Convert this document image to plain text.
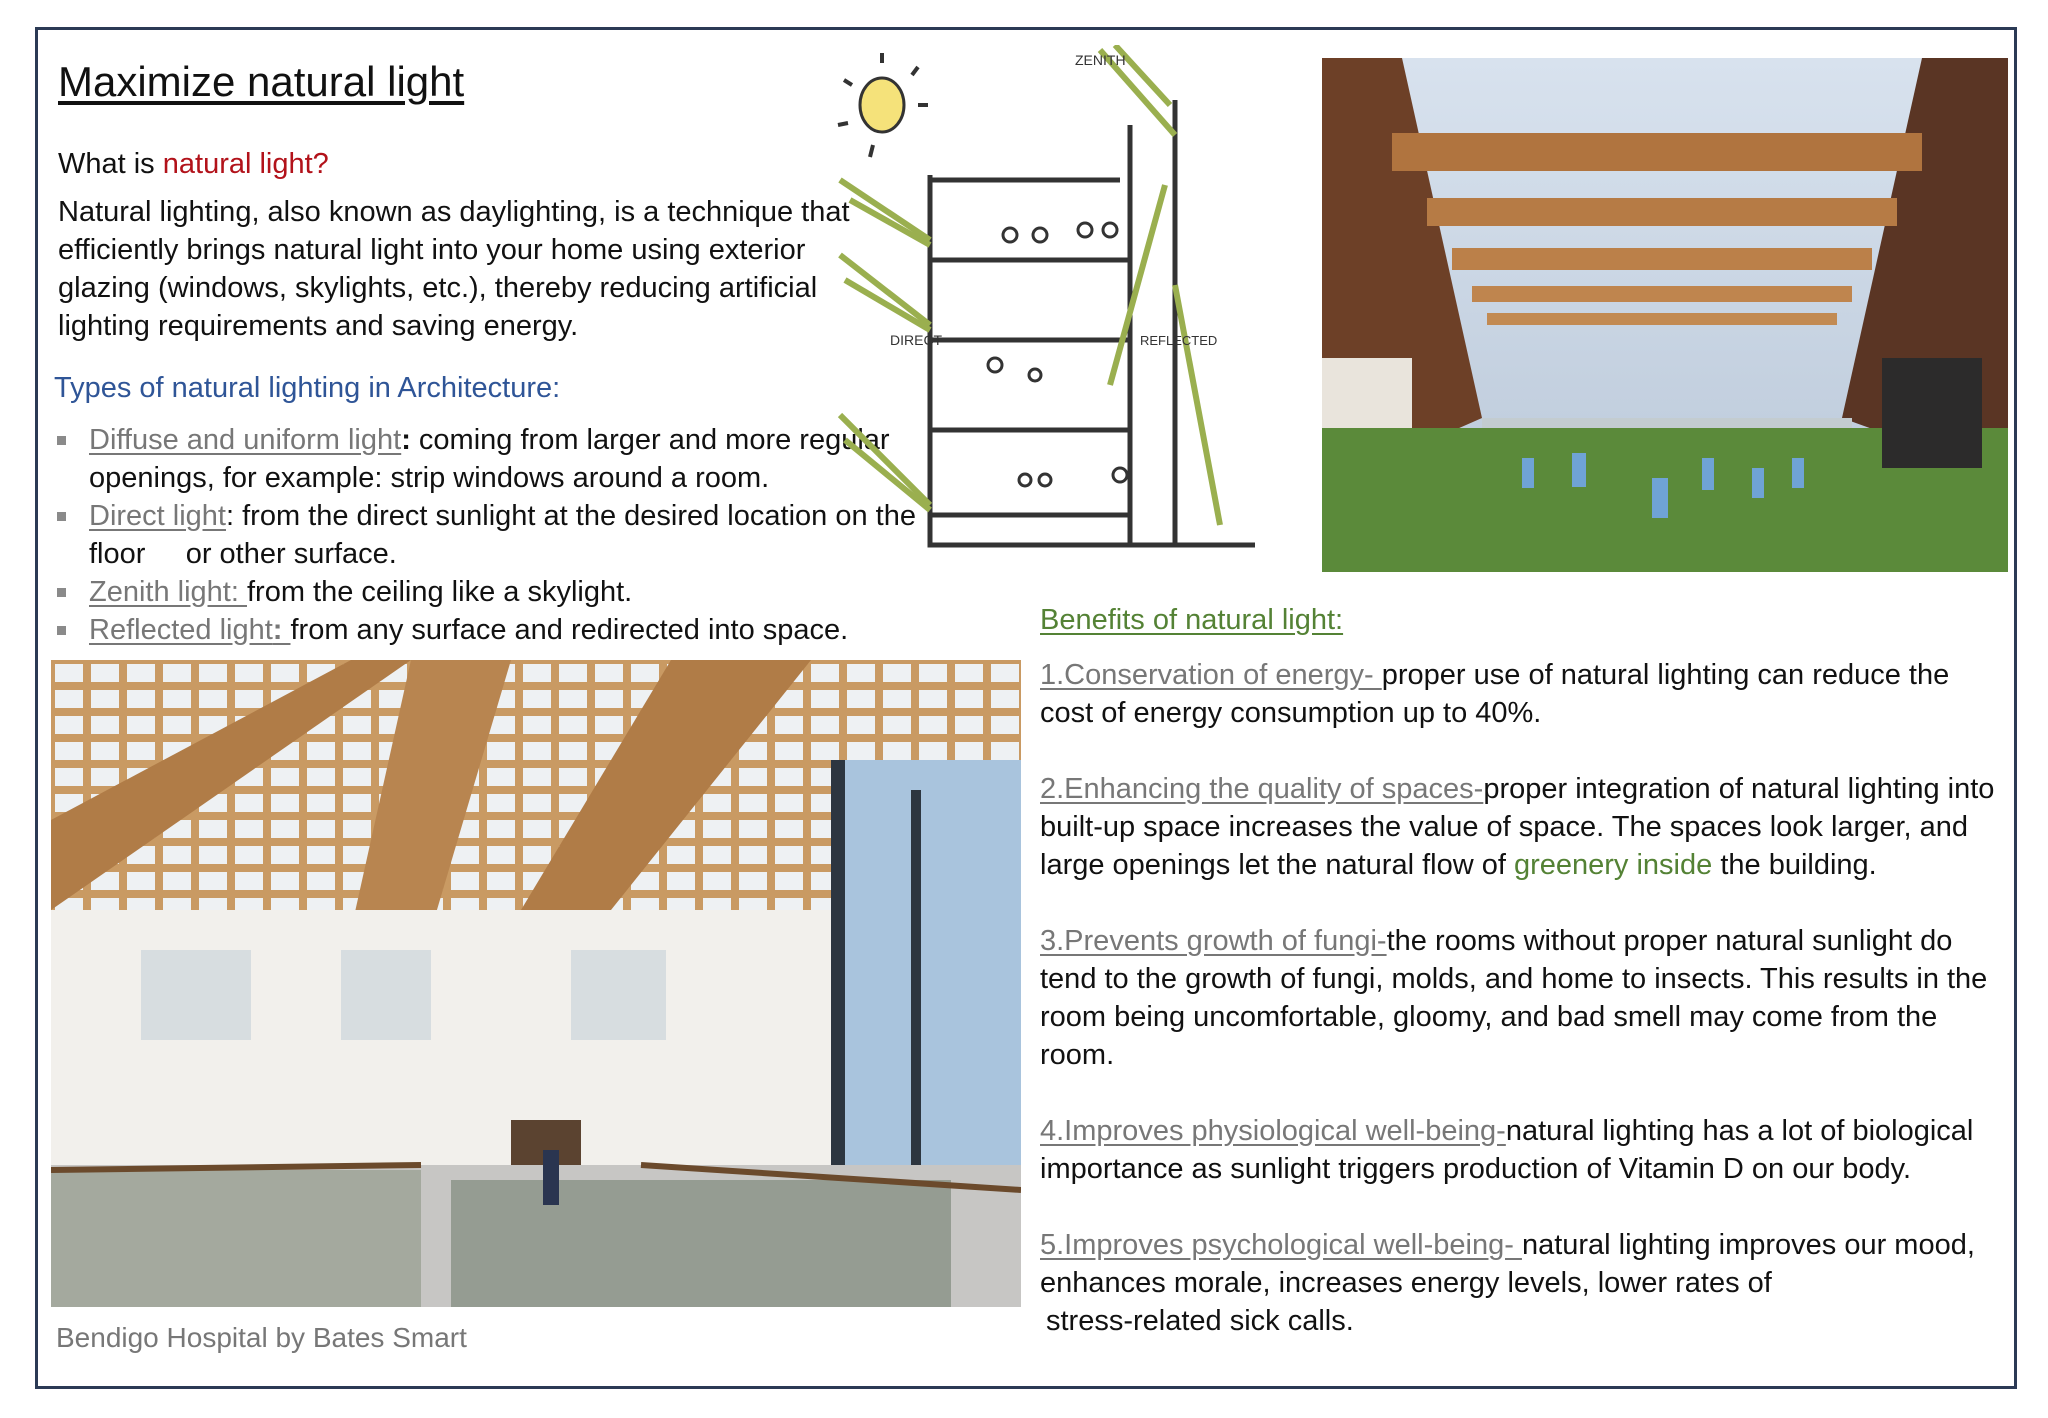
Maximize natural light
What is natural light?
Natural lighting, also known as daylighting, is a technique that efficiently brings natural light into your home using exterior glazing (windows, skylights, etc.), thereby reducing artificial lighting requirements and saving energy.
Types of natural lighting in Architecture:
Diffuse and uniform light: coming from larger and more regular openings, for example: strip windows around a room.
Direct light: from the direct sunlight at the desired location on the floor     or other surface.
Zenith light: from the ceiling like a skylight.
Reflected light: from any surface and redirected into space.
ZENITH
DIRECT	REFLECTED
Bendigo Hospital by Bates Smart
Benefits of natural light:
1.Conservation of energy- proper use of natural lighting can reduce the cost of energy consumption up to 40%.
2.Enhancing the quality of spaces-proper integration of natural lighting into built-up space increases the value of space. The spaces look larger, and large openings let the natural flow of greenery inside the building.
3.Prevents growth of fungi-the rooms without proper natural sunlight do tend to the growth of fungi, molds, and home to insects. This results in the room being uncomfortable, gloomy, and bad smell may come from the room.
4.Improves physiological well-being-natural lighting has a lot of biological importance as sunlight triggers production of Vitamin D on our body.
5.Improves psychological well-being- natural lighting improves our mood, enhances morale, increases energy levels, lower rates of
stress-related sick calls.
